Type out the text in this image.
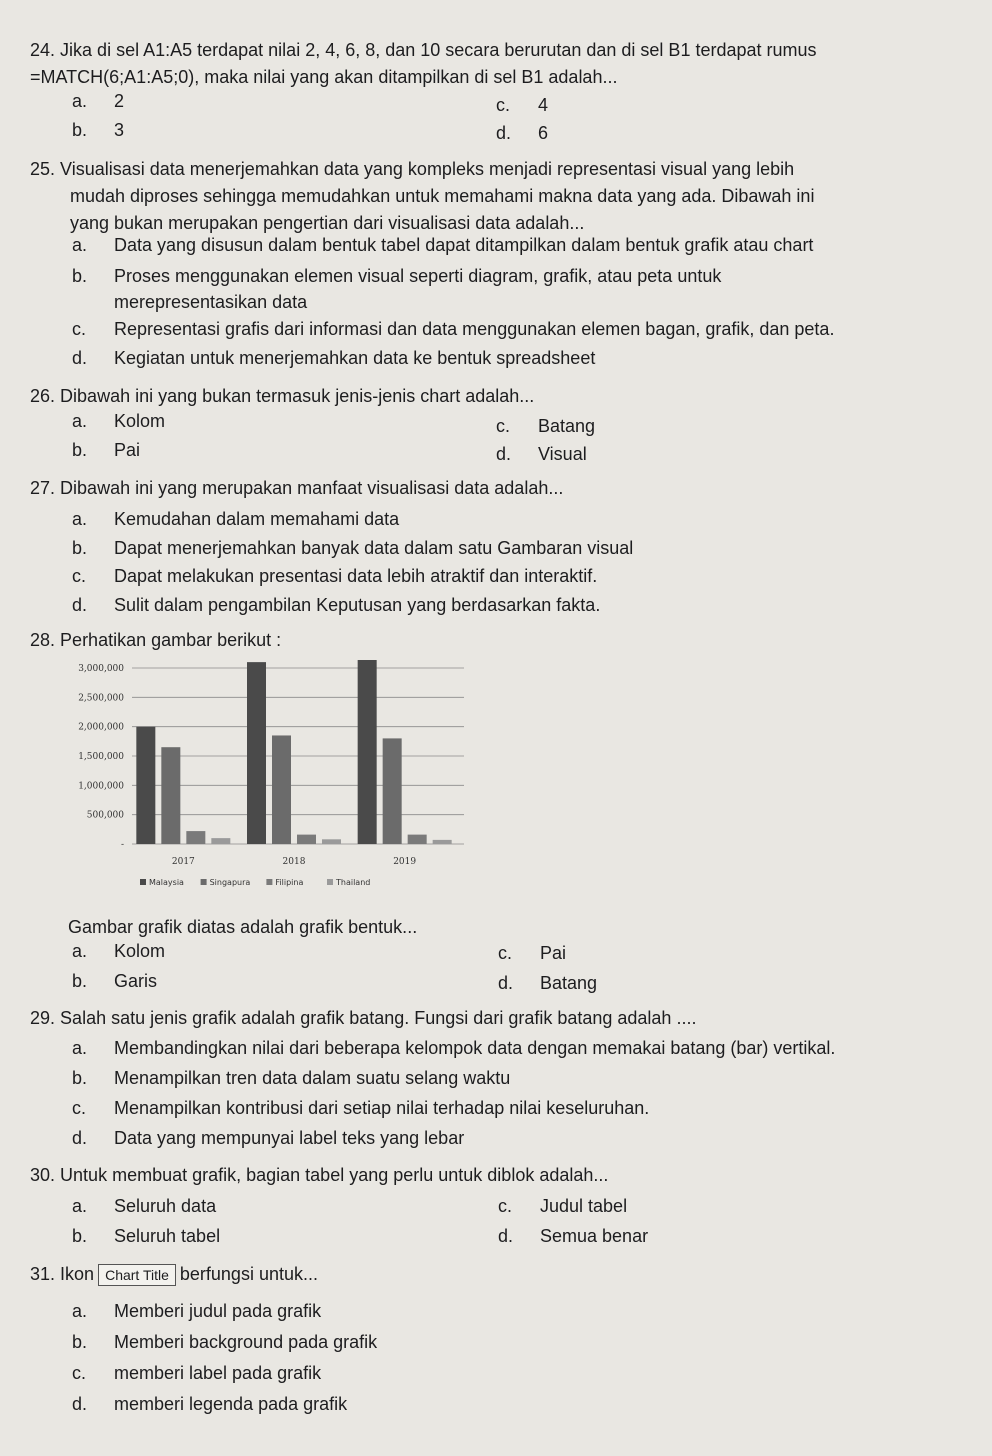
24. Jika di sel A1:A5 terdapat nilai 2, 4, 6, 8, dan 10 secara berurutan dan di sel B1 terdapat rumus
=MATCH(6;A1:A5;0), maka nilai yang akan ditampilkan di sel B1 adalah...
a. 2
b. 3
c. 4
d. 6
25. Visualisasi data menerjemahkan data yang kompleks menjadi representasi visual yang lebih
mudah diproses sehingga memudahkan untuk memahami makna data yang ada. Dibawah ini
yang bukan merupakan pengertian dari visualisasi data adalah...
a. Data yang disusun dalam bentuk tabel dapat ditampilkan dalam bentuk grafik atau chart
b. Proses menggunakan elemen visual seperti diagram, grafik, atau peta untuk
merepresentasikan data
c. Representasi grafis dari informasi dan data menggunakan elemen bagan, grafik, dan peta.
d. Kegiatan untuk menerjemahkan data ke bentuk spreadsheet
26. Dibawah ini yang bukan termasuk jenis-jenis chart adalah...
a. Kolom
b. Pai
c. Batang
d. Visual
27. Dibawah ini yang merupakan manfaat visualisasi data adalah...
a. Kemudahan dalam memahami data
b. Dapat menerjemahkan banyak data dalam satu Gambaran visual
c. Dapat melakukan presentasi data lebih atraktif dan interaktif.
d. Sulit dalam pengambilan Keputusan yang berdasarkan fakta.
28. Perhatikan gambar berikut :
3,000,000
2,500,000
2,000,000
1,500,000
1,000,000
500,000
-
2017	2018	2019
Malaysia	Singapura	Filipina	Thailand
Gambar grafik diatas adalah grafik bentuk...
a. Kolom
b. Garis
c. Pai
d. Batang
29. Salah satu jenis grafik adalah grafik batang. Fungsi dari grafik batang adalah ....
a. Membandingkan nilai dari beberapa kelompok data dengan memakai batang (bar) vertikal.
b. Menampilkan tren data dalam suatu selang waktu
c. Menampilkan kontribusi dari setiap nilai terhadap nilai keseluruhan.
d. Data yang mempunyai label teks yang lebar
30. Untuk membuat grafik, bagian tabel yang perlu untuk diblok adalah...
a. Seluruh data
b. Seluruh tabel
c. Judul tabel
d. Semua benar
31. Ikon Chart Title berfungsi untuk...
a. Memberi judul pada grafik
b. Memberi background pada grafik
c. memberi label pada grafik
d. memberi legenda pada grafik
